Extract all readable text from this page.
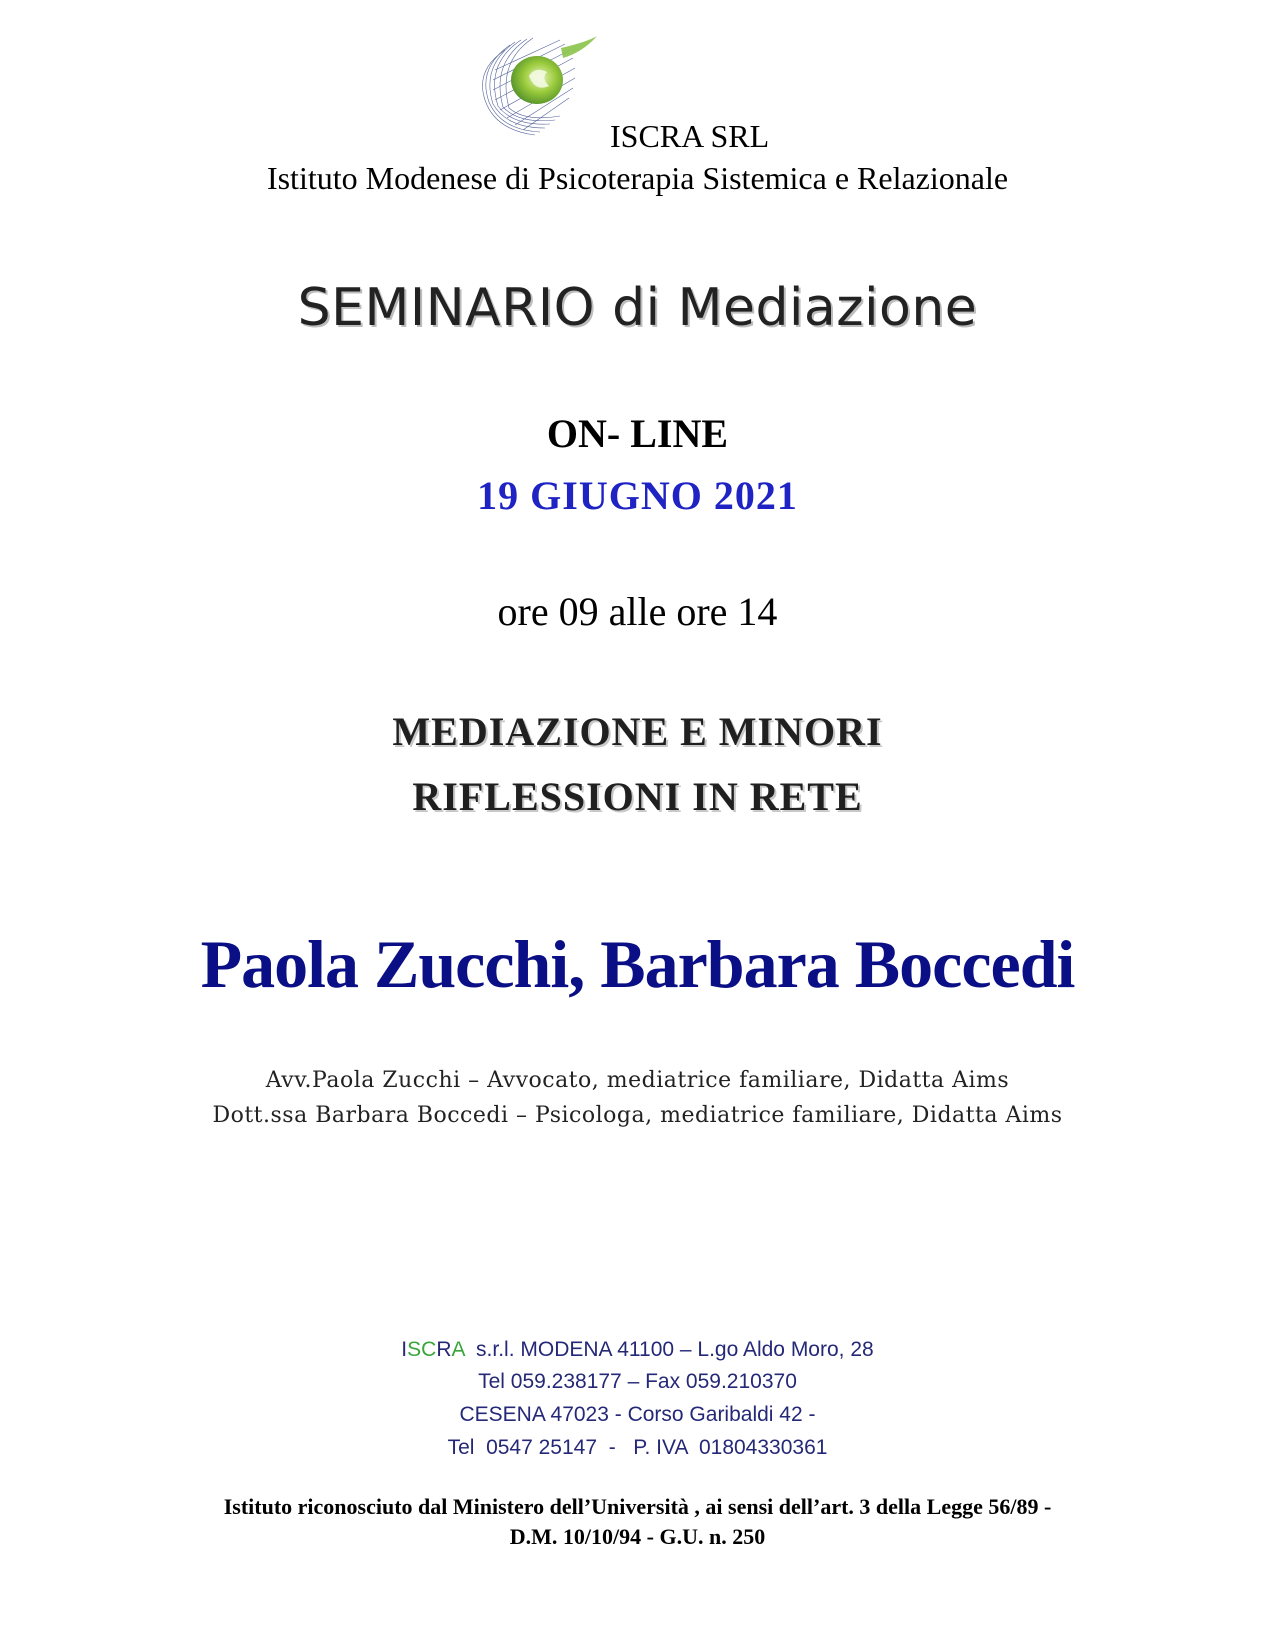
ISCRA SRL
Istituto Modenese di Psicoterapia Sistemica e Relazionale
SEMINARIO di Mediazione
ON- LINE
19 GIUGNO 2021
ore 09 alle ore 14
MEDIAZIONE E MINORI
RIFLESSIONI IN RETE
Paola Zucchi, Barbara Boccedi
Avv.Paola Zucchi – Avvocato, mediatrice familiare, Didatta Aims
Dott.ssa Barbara Boccedi – Psicologa, mediatrice familiare, Didatta Aims
ISCRA  s.r.l. MODENA 41100 – L.go Aldo Moro, 28
Tel 059.238177 – Fax 059.210370
CESENA 47023 - Corso Garibaldi 42 -
Tel  0547 25147  -   P. IVA  01804330361
Istituto riconosciuto dal Ministero dell’Università , ai sensi dell’art. 3 della Legge 56/89 -
D.M. 10/10/94 - G.U. n. 250
